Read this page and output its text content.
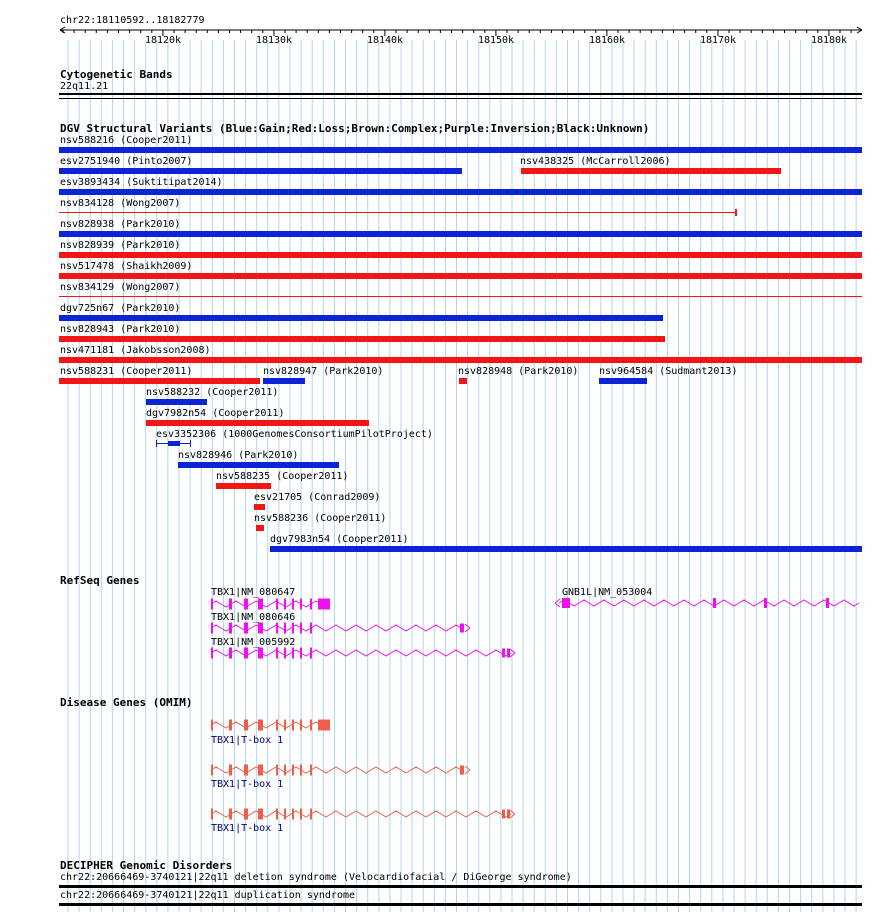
chr22:18110592..18182779
18120k	18130k	18140k	18150k	18160k	18170k	18180k
Cytogenetic Bands
22q11.21
DGV Structural Variants (Blue:Gain;Red:Loss;Brown:Complex;Purple:Inversion;Black:Unknown)
nsv588216 (Cooper2011)
esv2751940 (Pinto2007)	nsv438325 (McCarroll2006)
esv3893434 (Suktitipat2014)
nsv834128 (Wong2007)
nsv828938 (Park2010)
nsv828939 (Park2010)
nsv517478 (Shaikh2009)
nsv834129 (Wong2007)
dgv725n67 (Park2010)
nsv828943 (Park2010)
nsv471181 (Jakobsson2008)
nsv588231 (Cooper2011)	nsv828947 (Park2010)	nsv828948 (Park2010) nsv964584 (Sudmant2013)
nsv588232 (Cooper2011)
dgv7982n54 (Cooper2011)
esv3352306 (1000GenomesConsortiumPilotProject)
nsv828946 (Park2010)
nsv588235 (Cooper2011)
esv21705 (Conrad2009)
nsv588236 (Cooper2011)
dgv7983n54 (Cooper2011)
RefSeq Genes
TBX1|NM_080647
TBX1|NM_080646
TBX1|NM_005992
GNB1L|NM_053004
Disease Genes (OMIM)
TBX1|T-box 1
TBX1|T-box 1
TBX1|T-box 1
DECIPHER Genomic Disorders
chr22:20666469-3740121|22q11 deletion syndrome (Velocardiofacial / DiGeorge syndrome)
chr22:20666469-3740121|22q11 duplication syndrome
